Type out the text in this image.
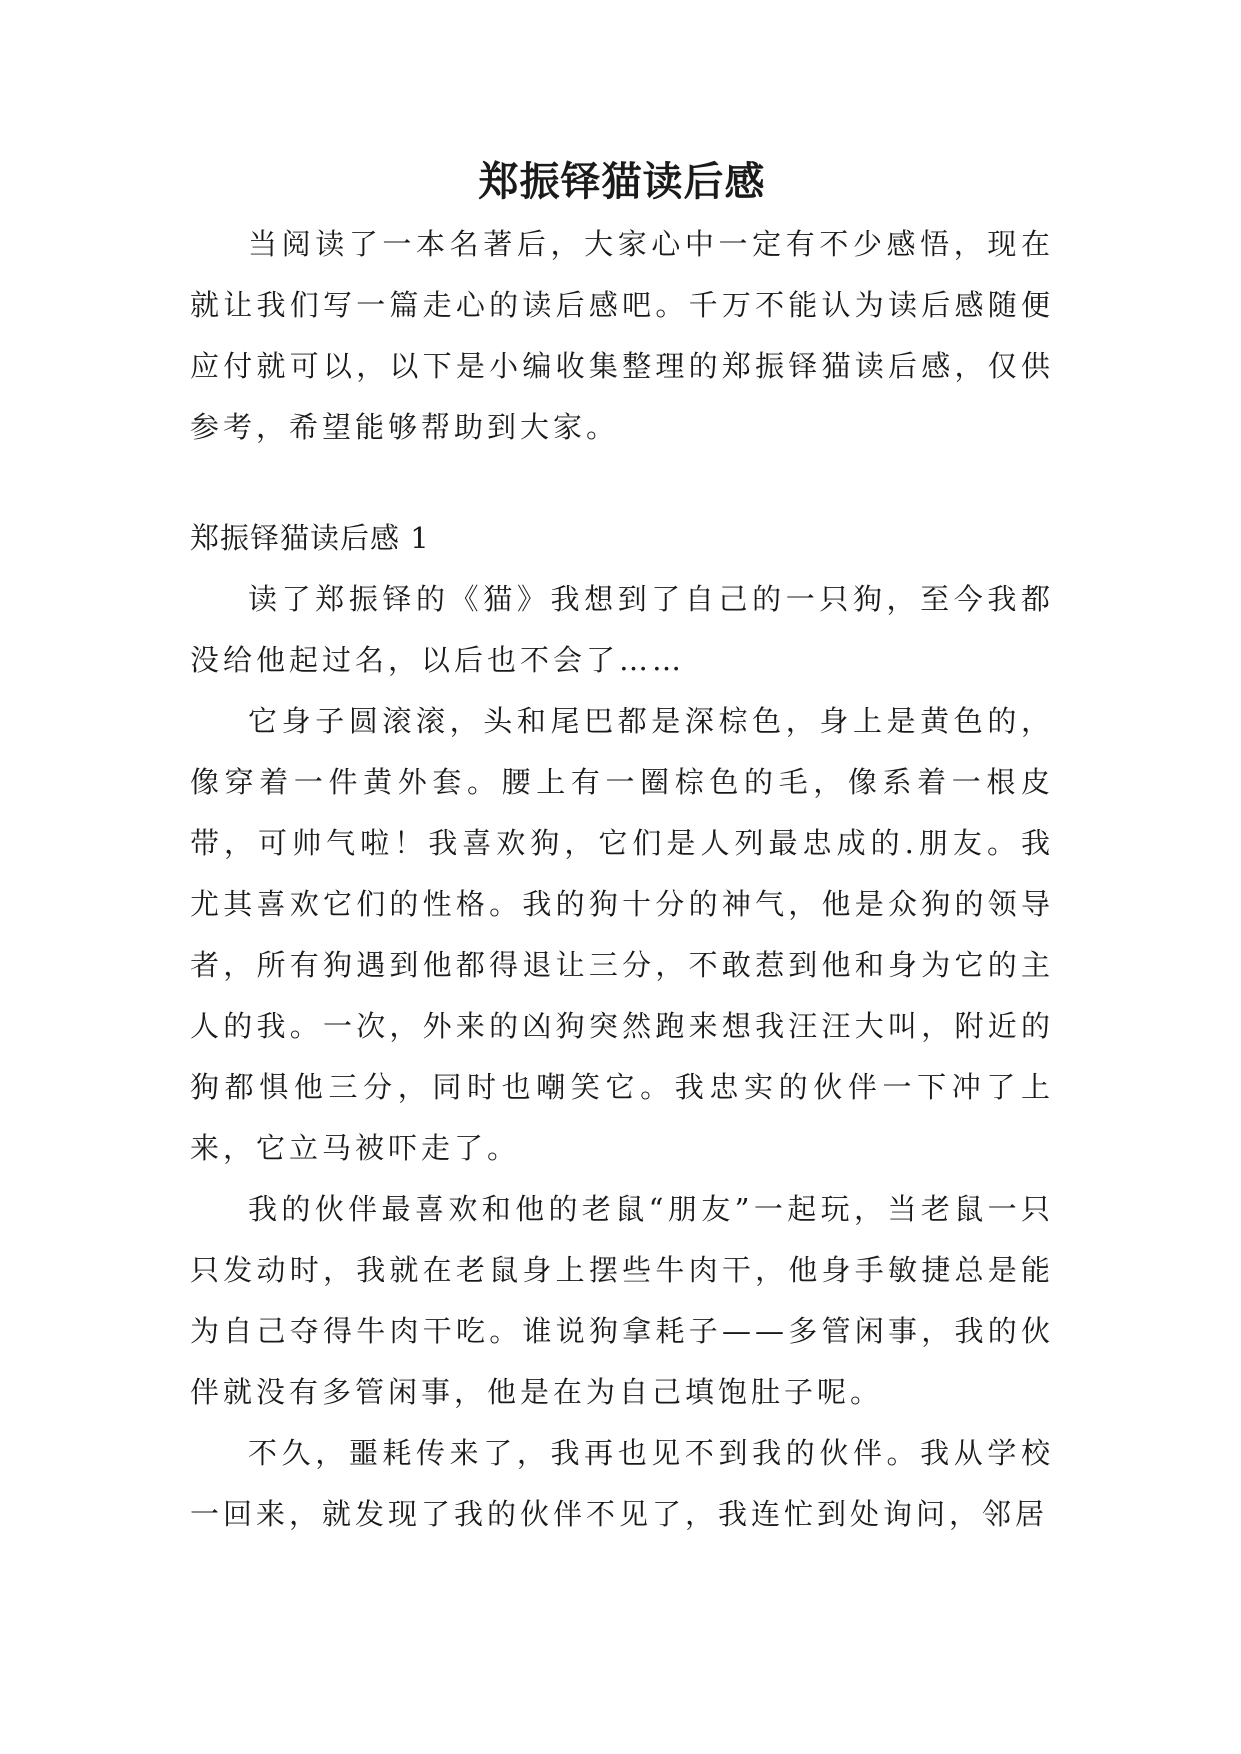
郑振铎猫读后感

当阅读了一本名著后，大家心中一定有不少感悟，现在就让我们写一篇走心的读后感吧。千万不能认为读后感随便应付就可以，以下是小编收集整理的郑振铎猫读后感，仅供参考，希望能够帮助到大家。

郑振铎猫读后感 1

读了郑振铎的《猫》我想到了自己的一只狗，至今我都没给他起过名，以后也不会了……

它身子圆滚滚，头和尾巴都是深棕色，身上是黄色的，像穿着一件黄外套。腰上有一圈棕色的毛，像系着一根皮带，可帅气啦！我喜欢狗，它们是人列最忠成的.朋友。我尤其喜欢它们的性格。我的狗十分的神气，他是众狗的领导者，所有狗遇到他都得退让三分，不敢惹到他和身为它的主人的我。一次，外来的凶狗突然跑来想我汪汪大叫，附近的狗都惧他三分，同时也嘲笑它。我忠实的伙伴一下冲了上来，它立马被吓走了。

我的伙伴最喜欢和他的老鼠“朋友”一起玩，当老鼠一只只发动时，我就在老鼠身上摆些牛肉干，他身手敏捷总是能为自己夺得牛肉干吃。谁说狗拿耗子——多管闲事，我的伙伴就没有多管闲事，他是在为自己填饱肚子呢。

不久，噩耗传来了，我再也见不到我的伙伴。我从学校一回来，就发现了我的伙伴不见了，我连忙到处询问，邻居
